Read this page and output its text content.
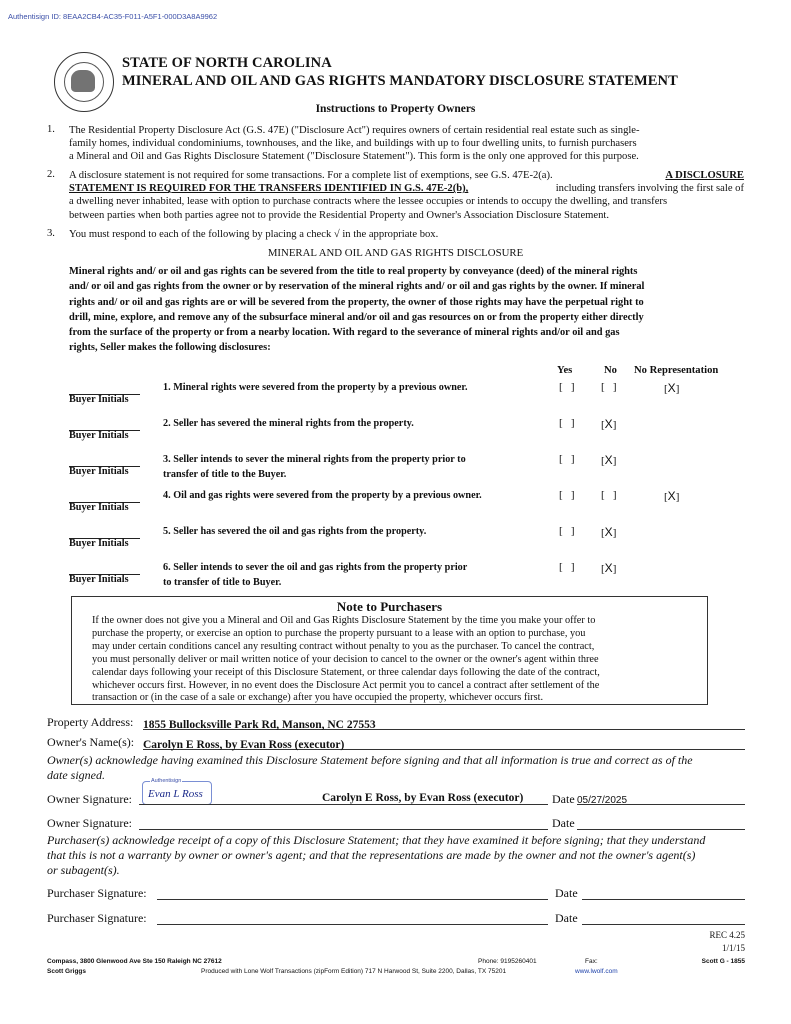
Authentisign ID: 8EAA2CB4-AC35-F011-A5F1-000D3A8A9962
STATE OF NORTH CAROLINA
MINERAL AND OIL AND GAS RIGHTS MANDATORY DISCLOSURE STATEMENT
Instructions to Property Owners
1. The Residential Property Disclosure Act (G.S. 47E) ("Disclosure Act") requires owners of certain residential real estate such as single-
family homes, individual condominiums, townhouses, and the like, and buildings with up to four dwelling units, to furnish purchasers
a Mineral and Oil and Gas Rights Disclosure Statement ("Disclosure Statement"). This form is the only one approved for this purpose.
2. A disclosure statement is not required for some transactions. For a complete list of exemptions, see G.S. 47E-2(a).	A DISCLOSURE
STATEMENT IS REQUIRED FOR THE TRANSFERS IDENTIFIED IN G.S. 47E-2(b),	including transfers involving the first sale of
a dwelling never inhabited, lease with option to purchase contracts where the lessee occupies or intends to occupy the dwelling, and transfers
between parties when both parties agree not to provide the Residential Property and Owner's Association Disclosure Statement.
3. You must respond to each of the following by placing a check √ in the appropriate box.
MINERAL AND OIL AND GAS RIGHTS DISCLOSURE
Mineral rights and/ or oil and gas rights can be severed from the title to real property by conveyance (deed) of the mineral rights
and/ or oil and gas rights from the owner or by reservation of the mineral rights and/ or oil and gas rights by the owner. If mineral
rights and/ or oil and gas rights are or will be severed from the property, the owner of those rights may have the perpetual right to
drill, mine, explore, and remove any of the subsurface mineral and/or oil and gas resources on or from the property either directly
from the surface of the property or from a nearby location. With regard to the severance of mineral rights and/or oil and gas
rights, Seller makes the following disclosures:
Yes	No No Representation
Buyer Initials
1. Mineral rights were severed from the property by a previous owner.	[   ] [   ]	[X]
Buyer Initials
2. Seller has severed the mineral rights from the property.	[   ] [X]
Buyer Initials
3. Seller intends to sever the mineral rights from the property prior to
transfer of title to the Buyer.
[   ] [X]
Buyer Initials
4. Oil and gas rights were severed from the property by a previous owner.	[   ] [   ]	[X]
Buyer Initials
5. Seller has severed the oil and gas rights from the property.	[   ] [X]
Buyer Initials
6. Seller intends to sever the oil and gas rights from the property prior
to transfer of title to Buyer.
[   ] [X]
Note to Purchasers
If the owner does not give you a Mineral and Oil and Gas Rights Disclosure Statement by the time you make your offer to
purchase the property, or exercise an option to purchase the property pursuant to a lease with an option to purchase, you
may under certain conditions cancel any resulting contract without penalty to you as the purchaser. To cancel the contract,
you must personally deliver or mail written notice of your decision to cancel to the owner or the owner's agent within three
calendar days following your receipt of this Disclosure Statement, or three calendar days following the date of the contract,
whichever occurs first. However, in no event does the Disclosure Act permit you to cancel a contract after settlement of the
transaction or (in the case of a sale or exchange) after you have occupied the property, whichever occurs first.
Property Address: 1855 Bullocksville Park Rd, Manson, NC 27553
Owner's Name(s): Carolyn E Ross, by Evan Ross (executor)
Owner(s) acknowledge having examined this Disclosure Statement before signing and that all information is true and correct as of the
date signed.
Owner Signature:
Authentisign
Evan L Ross	Carolyn E Ross, by Evan Ross (executor) Date 05/27/2025
Owner Signature:	Date
Purchaser(s) acknowledge receipt of a copy of this Disclosure Statement; that they have examined it before signing; that they understand
that this is not a warranty by owner or owner's agent; and that the representations are made by the owner and not the owner's agent(s)
or subagent(s).
Purchaser Signature:	Date
Purchaser Signature:	Date
REC 4.25
1/1/15
Compass, 3800 Glenwood Ave Ste 150 Raleigh NC 27612	Phone: 9195260401	Fax:	Scott G - 1855
Scott Griggs	Produced with Lone Wolf Transactions (zipForm Edition) 717 N Harwood St, Suite 2200, Dallas, TX 75201	www.lwolf.com
